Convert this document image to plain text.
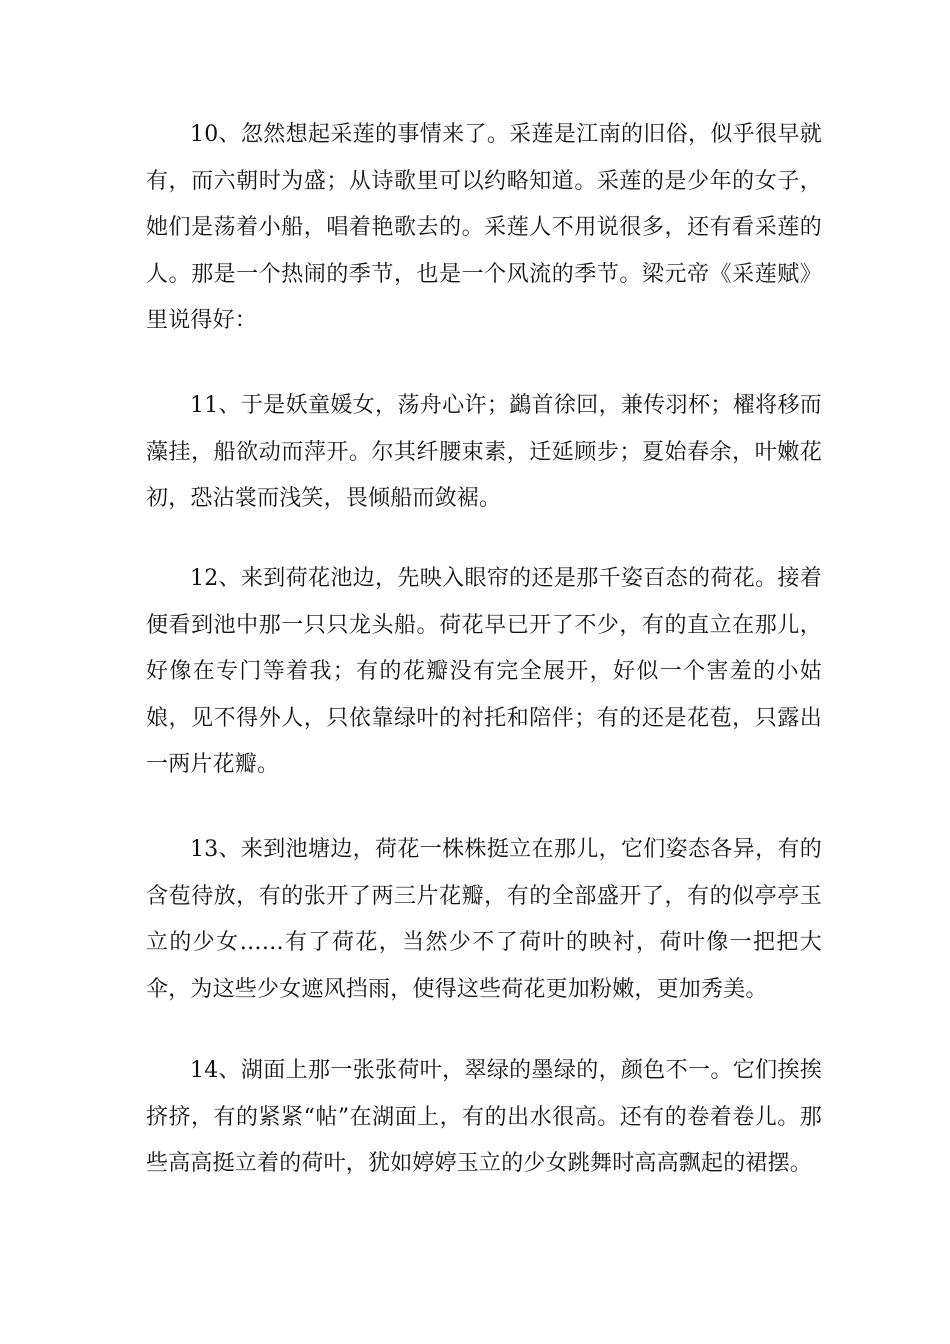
10、忽然想起采莲的事情来了。采莲是江南的旧俗，似乎很早就有，而六朝时为盛；从诗歌里可以约略知道。采莲的是少年的女子，她们是荡着小船，唱着艳歌去的。采莲人不用说很多，还有看采莲的人。那是一个热闹的季节，也是一个风流的季节。梁元帝《采莲赋》里说得好：

11、于是妖童媛女，荡舟心许；鷁首徐回，兼传羽杯；櫂将移而藻挂，船欲动而萍开。尔其纤腰束素，迁延顾步；夏始春余，叶嫩花初，恐沾裳而浅笑，畏倾船而敛裾。

12、来到荷花池边，先映入眼帘的还是那千姿百态的荷花。接着便看到池中那一只只龙头船。荷花早已开了不少，有的直立在那儿，好像在专门等着我；有的花瓣没有完全展开，好似一个害羞的小姑娘，见不得外人，只依靠绿叶的衬托和陪伴；有的还是花苞，只露出一两片花瓣。

13、来到池塘边，荷花一株株挺立在那儿，它们姿态各异，有的含苞待放，有的张开了两三片花瓣，有的全部盛开了，有的似亭亭玉立的少女……有了荷花，当然少不了荷叶的映衬，荷叶像一把把大伞，为这些少女遮风挡雨，使得这些荷花更加粉嫩，更加秀美。

14、湖面上那一张张荷叶，翠绿的墨绿的，颜色不一。它们挨挨挤挤，有的紧紧“帖”在湖面上，有的出水很高。还有的卷着卷儿。那些高高挺立着的荷叶，犹如婷婷玉立的少女跳舞时高高飘起的裙摆。
